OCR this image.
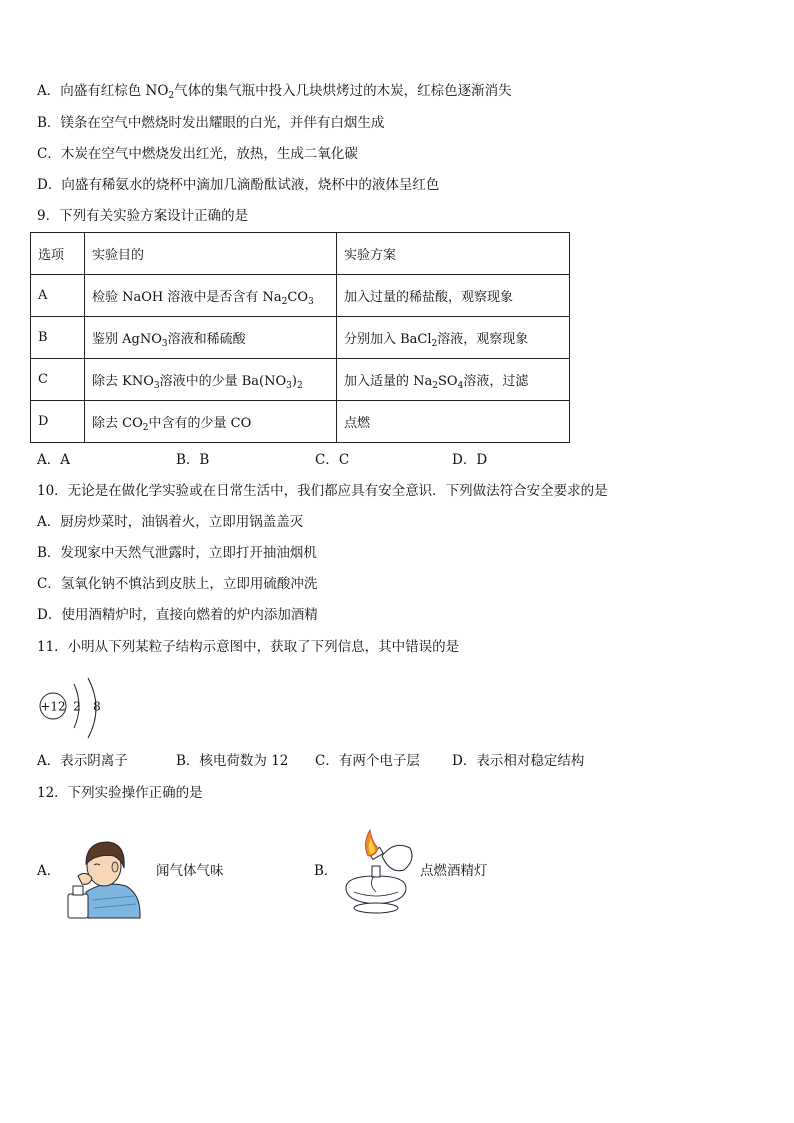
A．向盛有红棕色 $NO_2$气体的集气瓶中投入几块烘烤过的木炭，红棕色逐渐消失
B．镁条在空气中燃烧时发出耀眼的白光，并伴有白烟生成
C．木炭在空气中燃烧发出红光，放热，生成二氧化碳
D．向盛有稀氨水的烧杯中滴加几滴酚酞试液，烧杯中的液体呈红色
9．下列有关实验方案设计正确的是
选项	实验目的	实验方案
A	检验 NaOH 溶液中是否含有 $Na_2CO_3$	加入过量的稀盐酸，观察现象
B	鉴别 AgNO$_3$溶液和稀硫酸	分别加入 BaCl$_2$溶液，观察现象
C	除去 $KNO_3$溶液中的少量 $Ba(NO_3)_2$	加入适量的 $Na_2SO_4$溶液，过滤
D	除去 $CO_2$中含有的少量 CO	点燃
A．A	B．B	C．C	D．D
10．无论是在做化学实验或在日常生活中，我们都应具有安全意识．下列做法符合安全要求的是
A．厨房炒菜时，油锅着火，立即用锅盖盖灭
B．发现家中天然气泄露时，立即打开抽油烟机
C．氢氧化钠不慎沾到皮肤上，立即用硫酸冲洗
D．使用酒精炉时，直接向燃着的炉内添加酒精
11．小明从下列某粒子结构示意图中，获取了下列信息，其中错误的是
+12 2 8
A．表示阴离子	B．核电荷数为 12 C．有两个电子层 D．表示相对稳定结构
12．下列实验操作正确的是
A．	闻气体气味	B．	点燃酒精灯
